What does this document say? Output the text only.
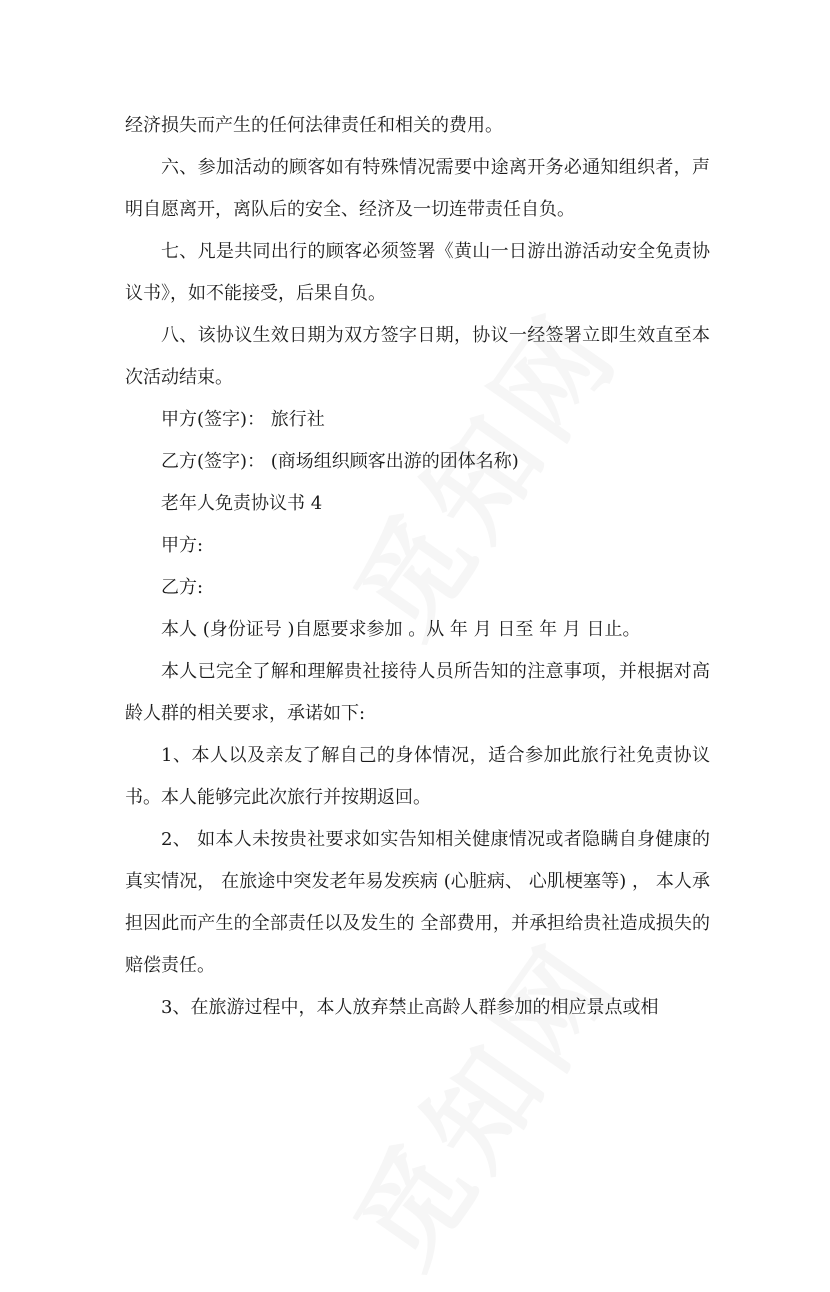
经济损失而产生的任何法律责任和相关的费用。

六、参加活动的顾客如有特殊情况需要中途离开务必通知组织者，声明自愿离开，离队后的安全、经济及一切连带责任自负。

七、凡是共同出行的顾客必须签署《黄山一日游出游活动安全免责协议书》，如不能接受，后果自负。

八、该协议生效日期为双方签字日期，协议一经签署立即生效直至本次活动结束。

甲方(签字)： 旅行社

乙方(签字)： (商场组织顾客出游的团体名称)

老年人免责协议书 4

甲方:

乙方:

本人 (身份证号 )自愿要求参加 。从 年 月 日至 年 月 日止。

本人已完全了解和理解贵社接待人员所告知的注意事项，并根据对高龄人群的相关要求，承诺如下:

1、本人以及亲友了解自己的身体情况，适合参加此旅行社免责协议书。本人能够完此次旅行并按期返回。

2、 如本人未按贵社要求如实告知相关健康情况或者隐瞒自身健康的真实情况， 在旅途中突发老年易发疾病 (心脏病、 心肌梗塞等) ， 本人承担因此而产生的全部责任以及发生的 全部费用，并承担给贵社造成损失的赔偿责任。

3、在旅游过程中，本人放弃禁止高龄人群参加的相应景点或相
